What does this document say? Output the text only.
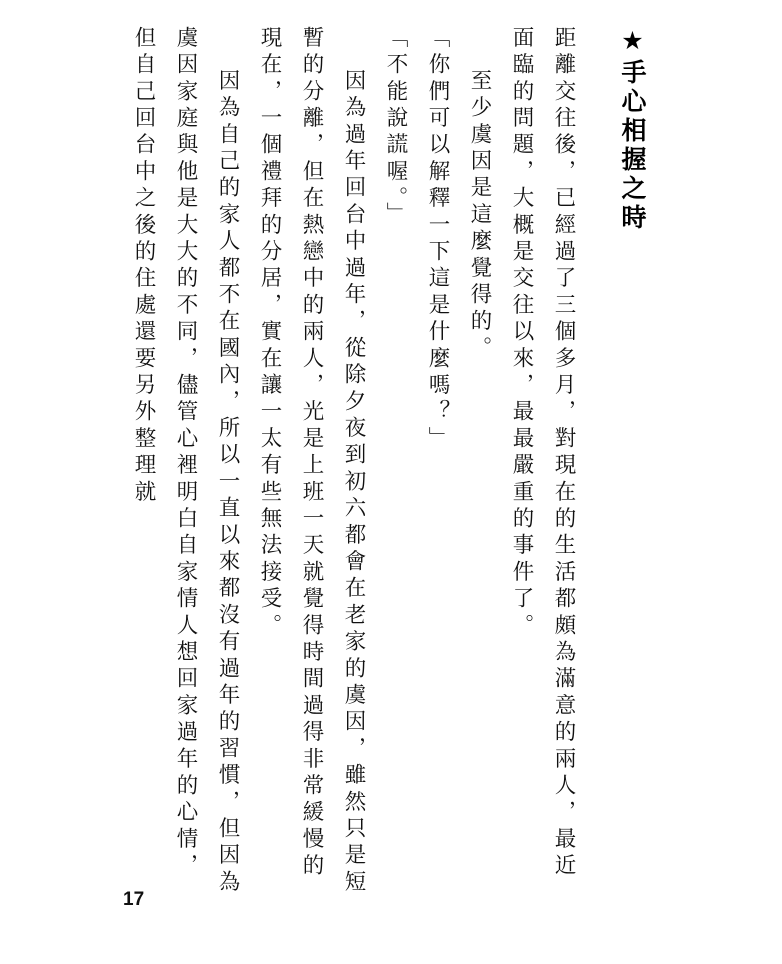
★手心相握之時

距離交往後，已經過了三個多月，對現在的生活都頗為滿意的兩人，最近面臨的問題，大概是交往以來，最最嚴重的事件了。

至少虞因是這麼覺得的。

「你們可以解釋一下這是什麼嗎？」

「不能說謊喔。」

因為過年回台中過年，從除夕夜到初六都會在老家的虞因，雖然只是短暫的分離，但在熱戀中的兩人，光是上班一天就覺得時間過得非常緩慢的現在，一個禮拜的分居，實在讓一太有些無法接受。

因為自己的家人都不在國內，所以一直以來都沒有過年的習慣，但因為虞因家庭與他是大大的不同，儘管心裡明白自家情人想回家過年的心情，但自己回台中之後的住處還要另外整理就

17
